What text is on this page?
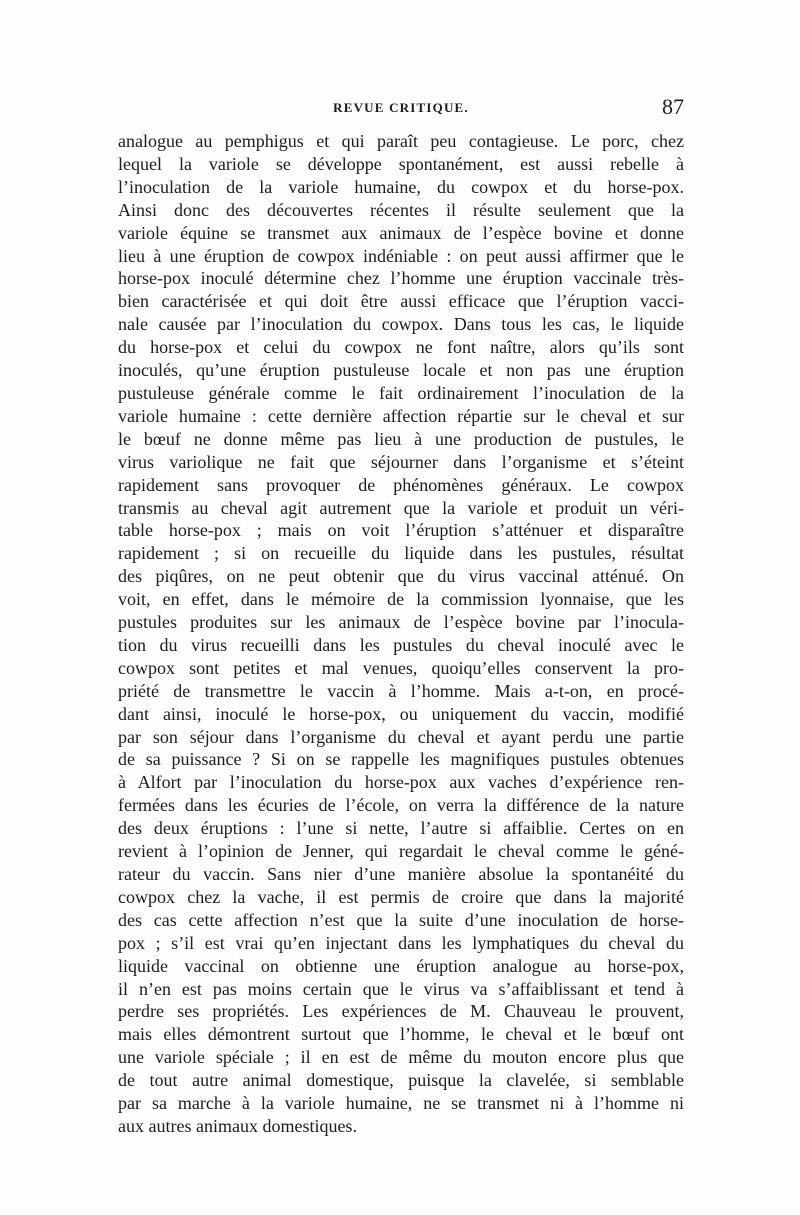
REVUE CRITIQUE.	87
analogue au pemphigus et qui paraît peu contagieuse. Le porc, chez
lequel la variole se développe spontanément, est aussi rebelle à
l’inoculation de la variole humaine, du cowpox et du horse-pox.
Ainsi donc des découvertes récentes il résulte seulement que la
variole équine se transmet aux animaux de l’espèce bovine et donne
lieu à une éruption de cowpox indéniable : on peut aussi affirmer que le
horse-pox inoculé détermine chez l’homme une éruption vaccinale très-
bien caractérisée et qui doit être aussi efficace que l’éruption vacci-
nale causée par l’inoculation du cowpox. Dans tous les cas, le liquide
du horse-pox et celui du cowpox ne font naître, alors qu’ils sont
inoculés, qu’une éruption pustuleuse locale et non pas une éruption
pustuleuse générale comme le fait ordinairement l’inoculation de la
variole humaine : cette dernière affection répartie sur le cheval et sur
le bœuf ne donne même pas lieu à une production de pustules, le
virus variolique ne fait que séjourner dans l’organisme et s’éteint
rapidement sans provoquer de phénomènes généraux. Le cowpox
transmis au cheval agit autrement que la variole et produit un véri-
table horse-pox ; mais on voit l’éruption s’atténuer et disparaître
rapidement ; si on recueille du liquide dans les pustules, résultat
des piqûres, on ne peut obtenir que du virus vaccinal atténué. On
voit, en effet, dans le mémoire de la commission lyonnaise, que les
pustules produites sur les animaux de l’espèce bovine par l’inocula-
tion du virus recueilli dans les pustules du cheval inoculé avec le
cowpox sont petites et mal venues, quoiqu’elles conservent la pro-
priété de transmettre le vaccin à l’homme. Mais a-t-on, en procé-
dant ainsi, inoculé le horse-pox, ou uniquement du vaccin, modifié
par son séjour dans l’organisme du cheval et ayant perdu une partie
de sa puissance ? Si on se rappelle les magnifiques pustules obtenues
à Alfort par l’inoculation du horse-pox aux vaches d’expérience ren-
fermées dans les écuries de l’école, on verra la différence de la nature
des deux éruptions : l’une si nette, l’autre si affaiblie. Certes on en
revient à l’opinion de Jenner, qui regardait le cheval comme le géné-
rateur du vaccin. Sans nier d’une manière absolue la spontanéité du
cowpox chez la vache, il est permis de croire que dans la majorité
des cas cette affection n’est que la suite d’une inoculation de horse-
pox ; s’il est vrai qu’en injectant dans les lymphatiques du cheval du
liquide vaccinal on obtienne une éruption analogue au horse-pox,
il n’en est pas moins certain que le virus va s’affaiblissant et tend à
perdre ses propriétés. Les expériences de M. Chauveau le prouvent,
mais elles démontrent surtout que l’homme, le cheval et le bœuf ont
une variole spéciale ; il en est de même du mouton encore plus que
de tout autre animal domestique, puisque la clavelée, si semblable
par sa marche à la variole humaine, ne se transmet ni à l’homme ni
aux autres animaux domestiques.
